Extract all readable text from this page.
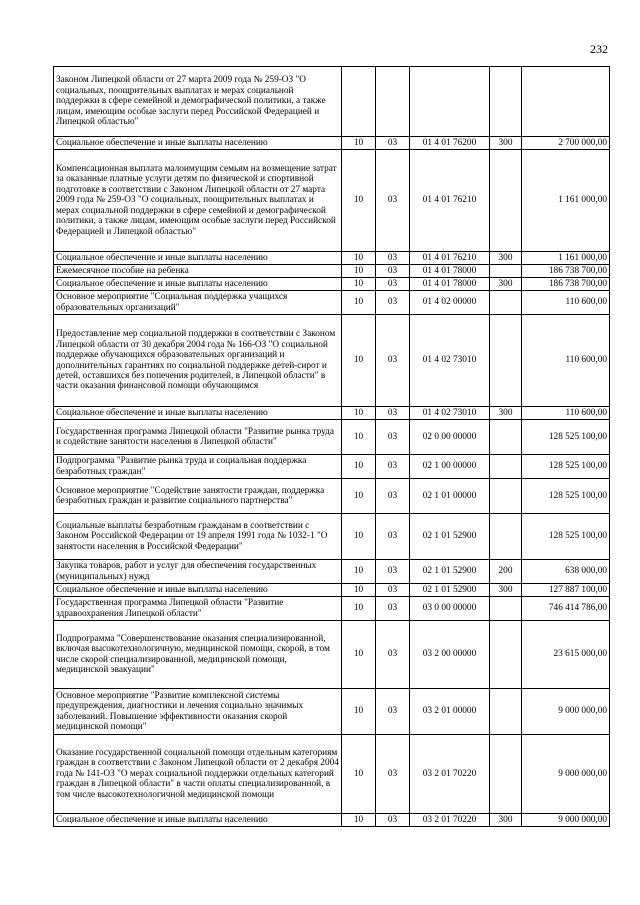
232
Законом Липецкой области от 27 марта 2009 года № 259-ОЗ "О социальных, поощрительных выплатах и мерах социальной поддержки в сфере семейной и демографической политики, а также лицам, имеющим особые заслуги перед Российской Федерацией и Липецкой областью"					
Социальное обеспечение и иные выплаты населению	10	03	01 4 01 76200	300	2 700 000,00
Компенсационная выплата малоимущим семьям на возмещение затрат за оказанные платные услуги детям по физической и спортивной подготовке в соответствии с Законом Липецкой области от 27 марта 2009 года № 259-ОЗ "О социальных, поощрительных выплатах и мерах социальной поддержки в сфере семейной и демографической политики, а также лицам, имеющим особые заслуги перед Российской Федерацией и Липецкой областью"	10	03	01 4 01 76210		1 161 000,00
Социальное обеспечение и иные выплаты населению	10	03	01 4 01 76210	300	1 161 000,00
Ежемесячное пособие на ребенка	10	03	01 4 01 78000		186 738 700,00
Социальное обеспечение и иные выплаты населению	10	03	01 4 01 78000	300	186 738 700,00
Основное мероприятие "Социальная поддержка учащихся образовательных организаций"	10	03	01 4 02 00000		110 600,00
Предоставление мер социальной поддержки в соответствии с Законом Липецкой области от 30 декабря 2004 года № 166-ОЗ "О социальной поддержке обучающихся образовательных организаций и дополнительных гарантиях по социальной поддержке детей-сирот и детей, оставшихся без попечения родителей, в Липецкой области" в части оказания финансовой помощи обучающимся	10	03	01 4 02 73010		110 600,00
Социальное обеспечение и иные выплаты населению	10	03	01 4 02 73010	300	110 600,00
Государственная программа Липецкой области "Развитие рынка труда и содействие занятости населения в Липецкой области"	10	03	02 0 00 00000		128 525 100,00
Подпрограмма "Развитие рынка труда и социальная поддержка безработных граждан"	10	03	02 1 00 00000		128 525 100,00
Основное мероприятие "Содействие занятости граждан, поддержка безработных граждан и развитие социального партнерства"	10	03	02 1 01 00000		128 525 100,00
Социальные выплаты безработным гражданам в соответствии с Законом Российской Федерации от 19 апреля 1991 года № 1032-1 "О занятости населения в Российской Федерации"	10	03	02 1 01 52900		128 525 100,00
Закупка товаров, работ и услуг для обеспечения государственных (муниципальных) нужд	10	03	02 1 01 52900	200	638 000,00
Социальное обеспечение и иные выплаты населению	10	03	02 1 01 52900	300	127 887 100,00
Государственная программа Липецкой области "Развитие здравоохранения Липецкой области"	10	03	03 0 00 00000		746 414 786,00
Подпрограмма "Совершенствование оказания специализированной, включая высокотехнологичную, медицинской помощи, скорой, в том числе скорой специализированной, медицинской помощи, медицинской эвакуации"	10	03	03 2 00 00000		23 615 000,00
Основное мероприятие "Развитие комплексной системы предупреждения, диагностики и лечения социально значимых заболеваний. Повышение эффективности оказания скорой медицинской помощи"	10	03	03 2 01 00000		9 000 000,00
Оказание государственной социальной помощи отдельным категориям граждан в соответствии с Законом Липецкой области от 2 декабря 2004 года № 141-ОЗ "О мерах социальной поддержки отдельных категорий граждан в Липецкой области" в части оплаты специализированной, в том числе высокотехнологичной медицинской помощи	10	03	03 2 01 70220		9 000 000,00
Социальное обеспечение и иные выплаты населению	10	03	03 2 01 70220	300	9 000 000,00
